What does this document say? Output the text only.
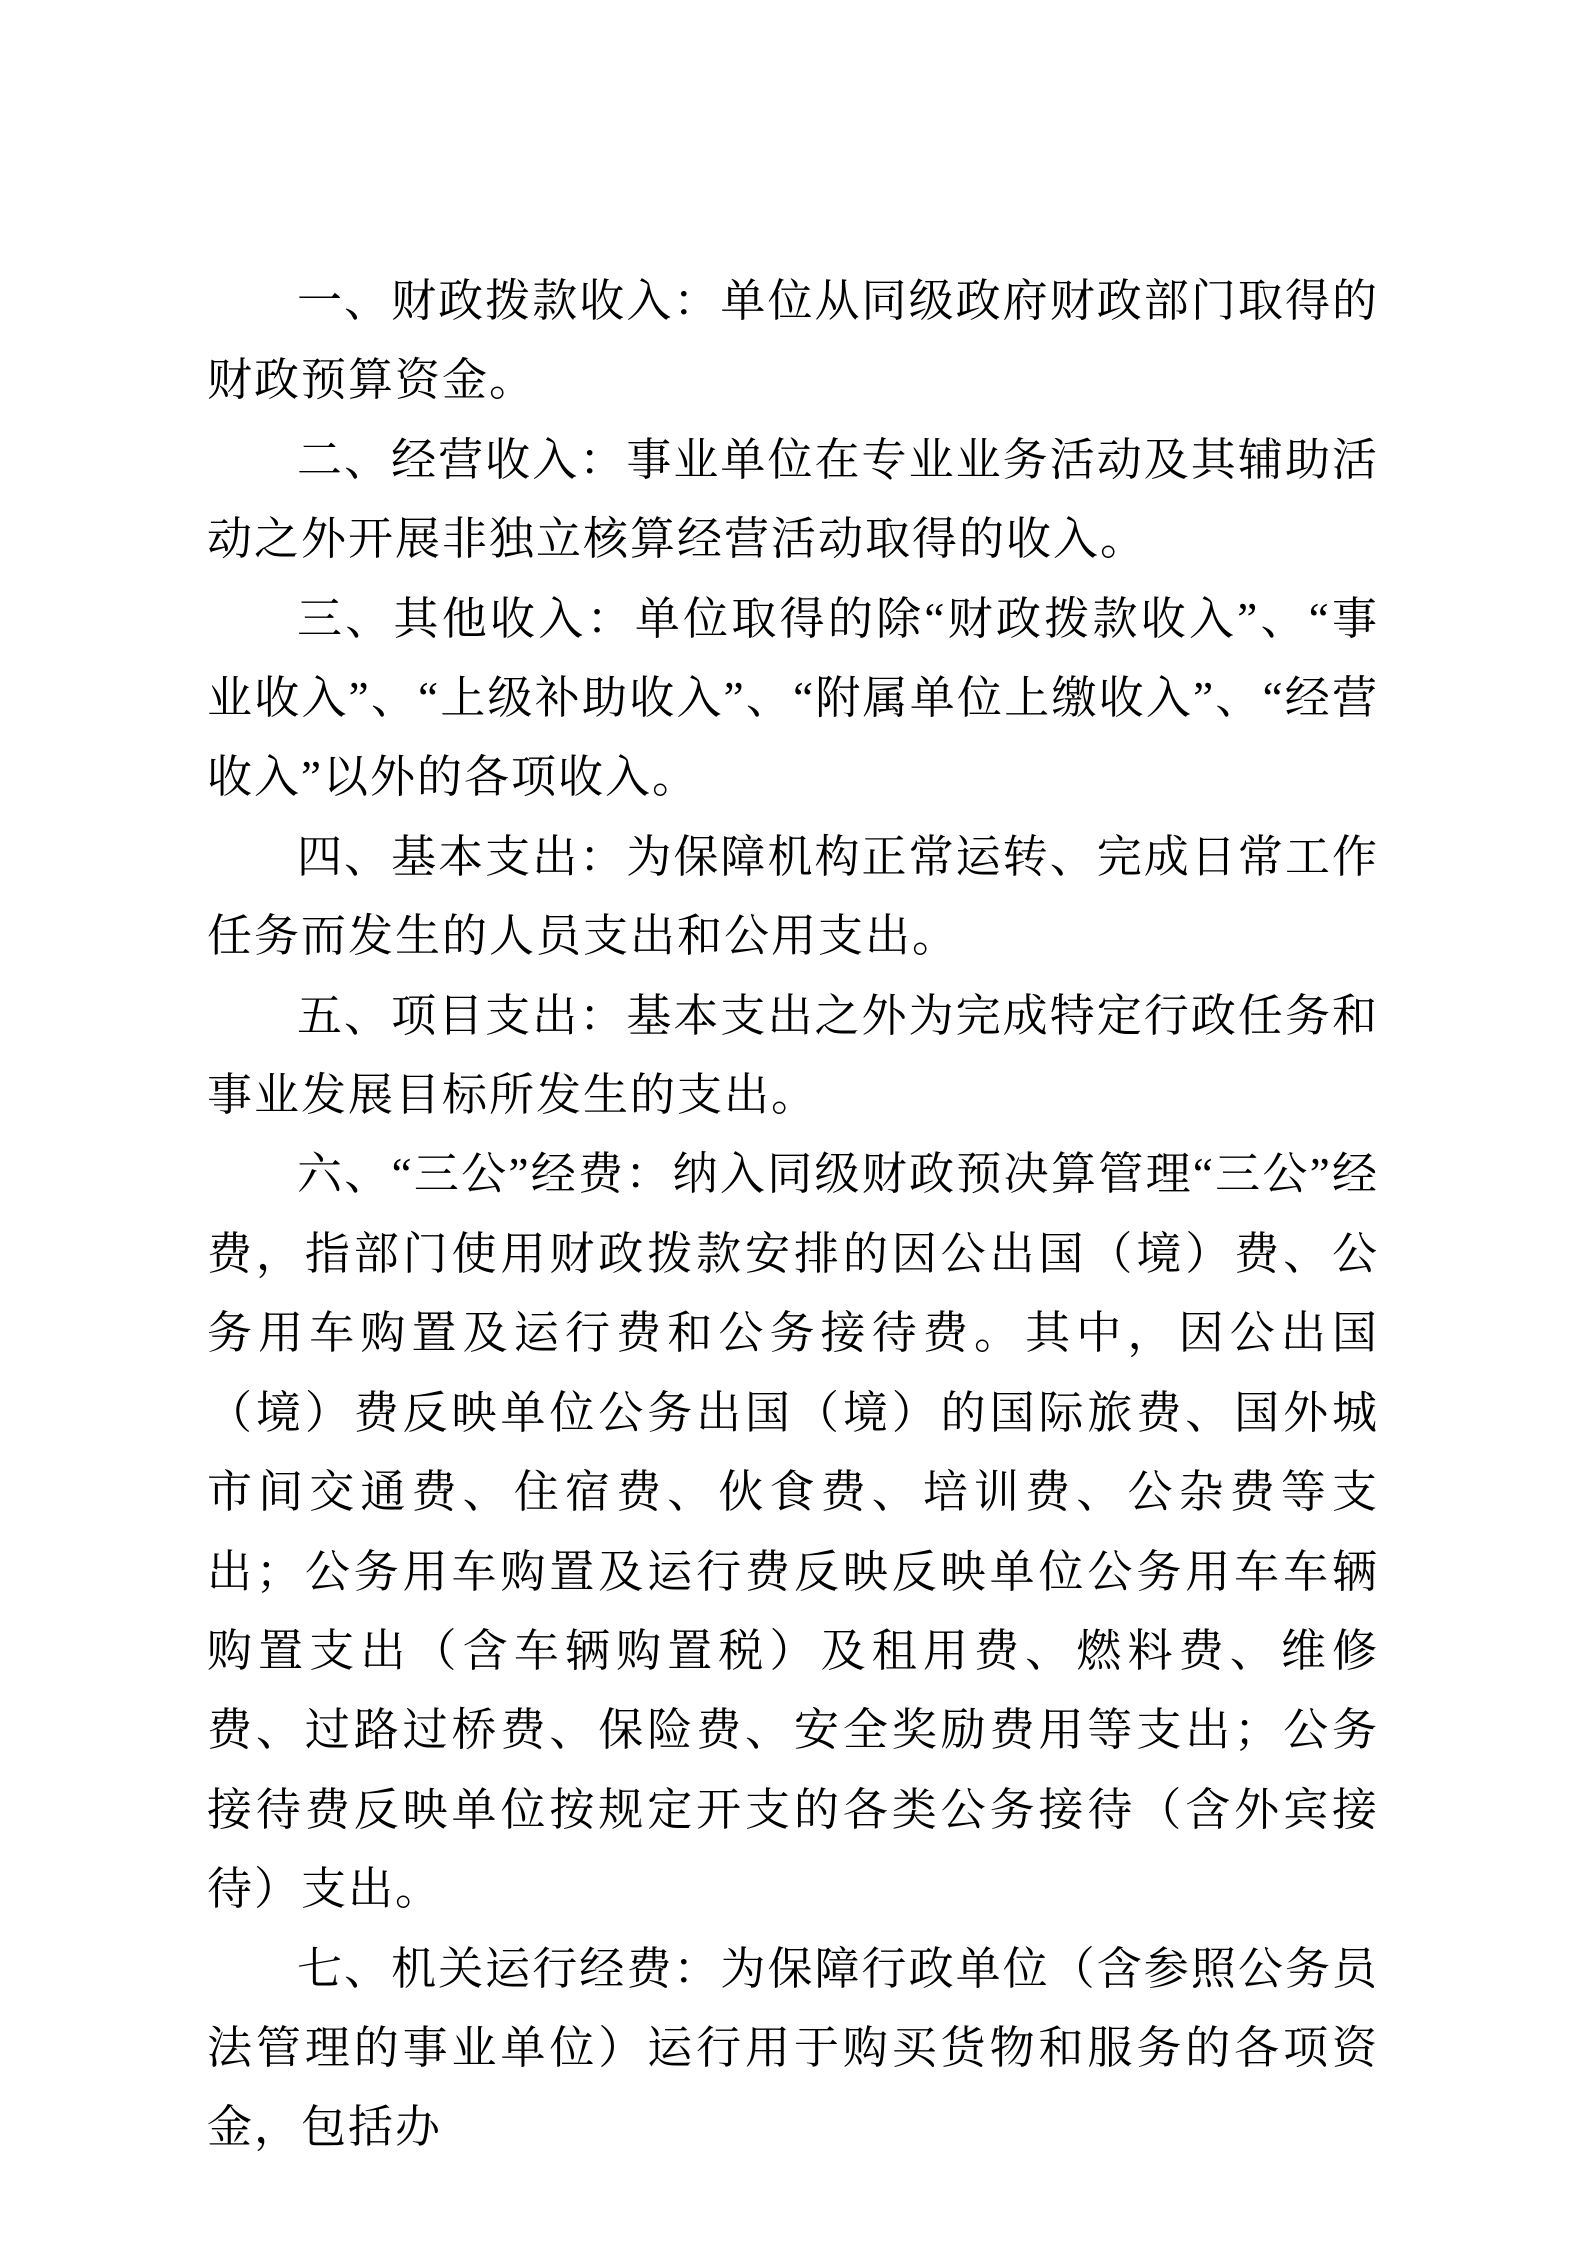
一、财政拨款收入：单位从同级政府财政部门取得的财政预算资金。

二、经营收入：事业单位在专业业务活动及其辅助活动之外开展非独立核算经营活动取得的收入。

三、其他收入：单位取得的除“财政拨款收入”、“事业收入”、“上级补助收入”、“附属单位上缴收入”、“经营收入”以外的各项收入。

四、基本支出：为保障机构正常运转、完成日常工作任务而发生的人员支出和公用支出。

五、项目支出：基本支出之外为完成特定行政任务和事业发展目标所发生的支出。

六、“三公”经费：纳入同级财政预决算管理“三公”经费，指部门使用财政拨款安排的因公出国（境）费、公务用车购置及运行费和公务接待费。其中，因公出国（境）费反映单位公务出国（境）的国际旅费、国外城市间交通费、住宿费、伙食费、培训费、公杂费等支出；公务用车购置及运行费反映反映单位公务用车车辆购置支出（含车辆购置税）及租用费、燃料费、维修费、过路过桥费、保险费、安全奖励费用等支出；公务接待费反映单位按规定开支的各类公务接待（含外宾接待）支出。

七、机关运行经费：为保障行政单位（含参照公务员法管理的事业单位）运行用于购买货物和服务的各项资金，包括办
